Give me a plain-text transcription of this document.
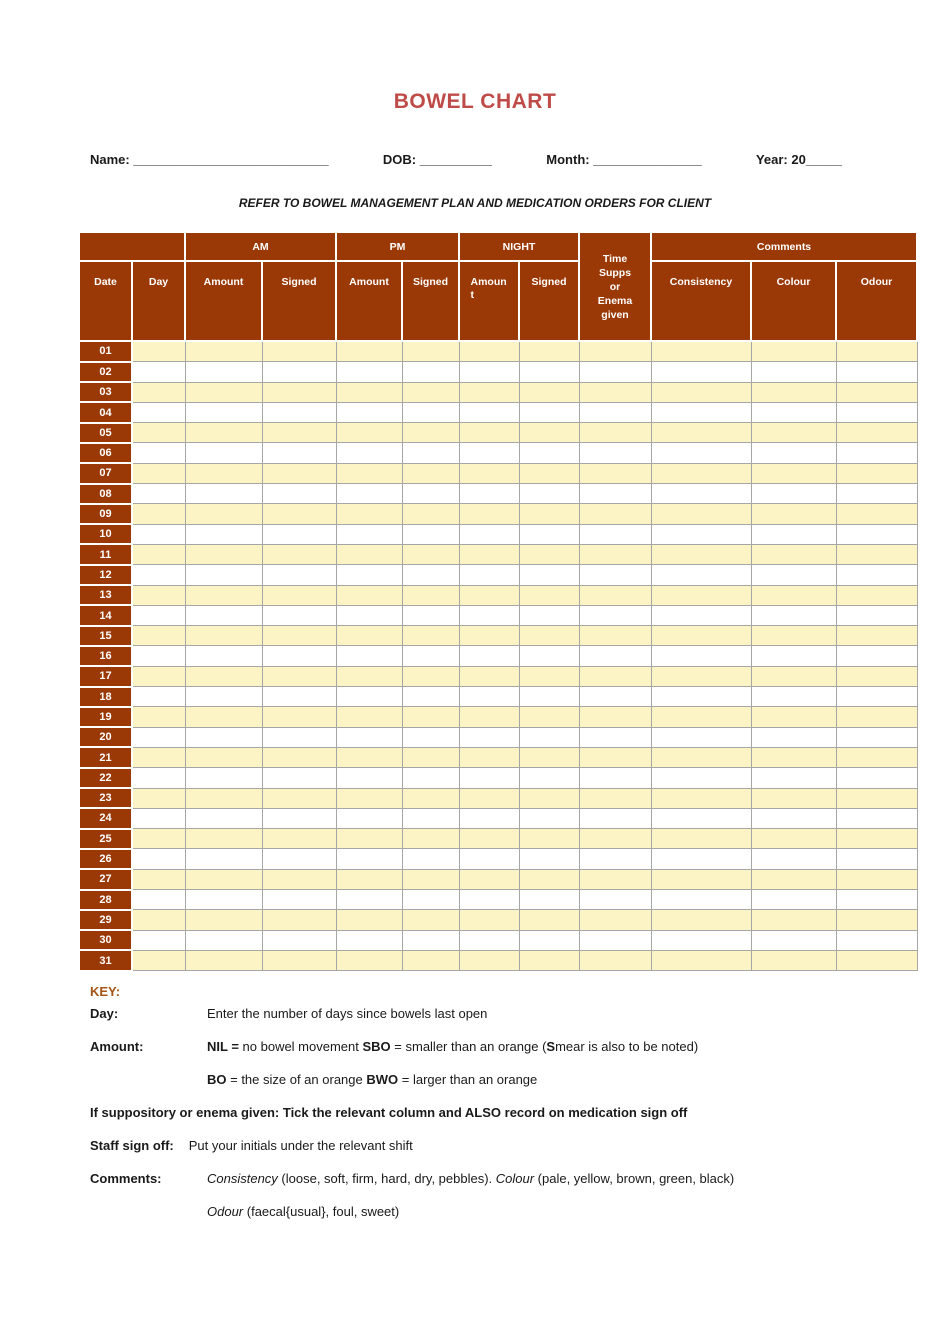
BOWEL CHART
Name: ___________________________	DOB: __________	Month: _______________	Year: 20_____
REFER TO BOWEL MANAGEMENT PLAN AND MEDICATION ORDERS FOR CLIENT
		AM		PM		NIGHT		Time Supps or Enema given	Comments		
Date	Day	Amount	Signed	Amount	Signed	Amount	Signed		Consistency	Colour	Odour
01											
02											
03											
04											
05											
06											
07											
08											
09											
10											
11											
12											
13											
14											
15											
16											
17											
18											
19											
20											
21											
22											
23											
24											
25											
26											
27											
28											
29											
30											
31											
KEY:
Day:	Enter the number of days since bowels last open
Amount:	NIL = no bowel movement SBO = smaller than an orange (Smear is also to be noted)
BO = the size of an orange BWO = larger than an orange
If suppository or enema given: Tick the relevant column and ALSO record on medication sign off
Staff sign off: Put your initials under the relevant shift
Comments:	Consistency (loose, soft, firm, hard, dry, pebbles). Colour (pale, yellow, brown, green, black)
Odour (faecal{usual}, foul, sweet)
